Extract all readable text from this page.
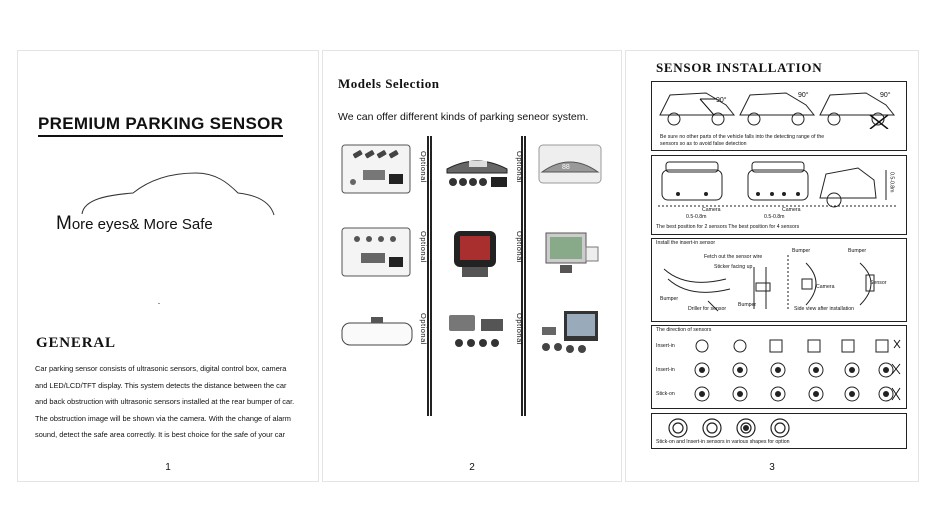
PREMIUM PARKING SENSOR
More eyes& More Safe
GENERAL

Car parking sensor consists of ultrasonic sensors, digital control box, camera

and LED/LCD/TFT display. This system detects the distance between the car

and back obstruction with ultrasonic sensors installed at the rear bumper of car.

The obstruction image will be shown via the camera. With the change of alarm

sound, detect the safe area correctly. It is best choice for the safe of your car

1
Models Selection
We can offer different kinds of parking seneor system.
Optional	Optional
Optional	Optional
Optional	Optional
88
2
SENSOR INSTALLATION
90°
90°	90°
Be sure no other parts of the vehicle falls into the detecting range of the
sensors so as to avoid false detection
Camera	Camera
0.5-0.8m	0.5-0.8m
0.5-0.8m
The best position for 2 sensors The best position for 4 sensors
Install the insert-in sensor
Fetch out the sensor wire
Sticker facing up
Bumper	Bumper
Camera
Sensor
Bumper
Driller for sensor
Bumper
Side view after installation
The direction of sensors
Insert-in
Insert-in
Stick-on
Stick-on and Insert-in sensors in various shapes for option
3
